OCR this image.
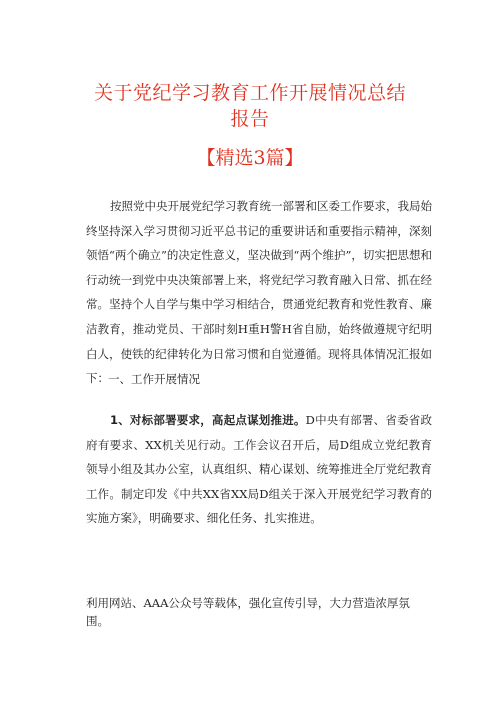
关于党纪学习教育工作开展情况总结
报告
【精选3篇】

按照党中央开展党纪学习教育统一部署和区委工作要求，我局始终坚持深入学习贯彻习近平总书记的重要讲话和重要指示精神，深刻领悟“两个确立”的决定性意义，坚决做到“两个维护”，切实把思想和行动统一到党中央决策部署上来，将党纪学习教育融入日常、抓在经常。坚持个人自学与集中学习相结合，贯通党纪教育和党性教育、廉洁教育，推动党员、干部时刻H重H警H省自励，始终做遵规守纪明白人，使铁的纪律转化为日常习惯和自觉遵循。现将具体情况汇报如下： 一、工作开展情况

1、对标部署要求，高起点谋划推进。D中央有部署、省委省政府有要求、XX机关见行动。工作会议召开后，局D组成立党纪教育领导小组及其办公室，认真组织、精心谋划、统筹推进全厅党纪教育工作。制定印发《中共XX省XX局D组关于深入开展党纪学习教育的实施方案》，明确要求、细化任务、扎实推进。

利用网站、AAA公众号等载体，强化宣传引导，大力营造浓厚氛围。
